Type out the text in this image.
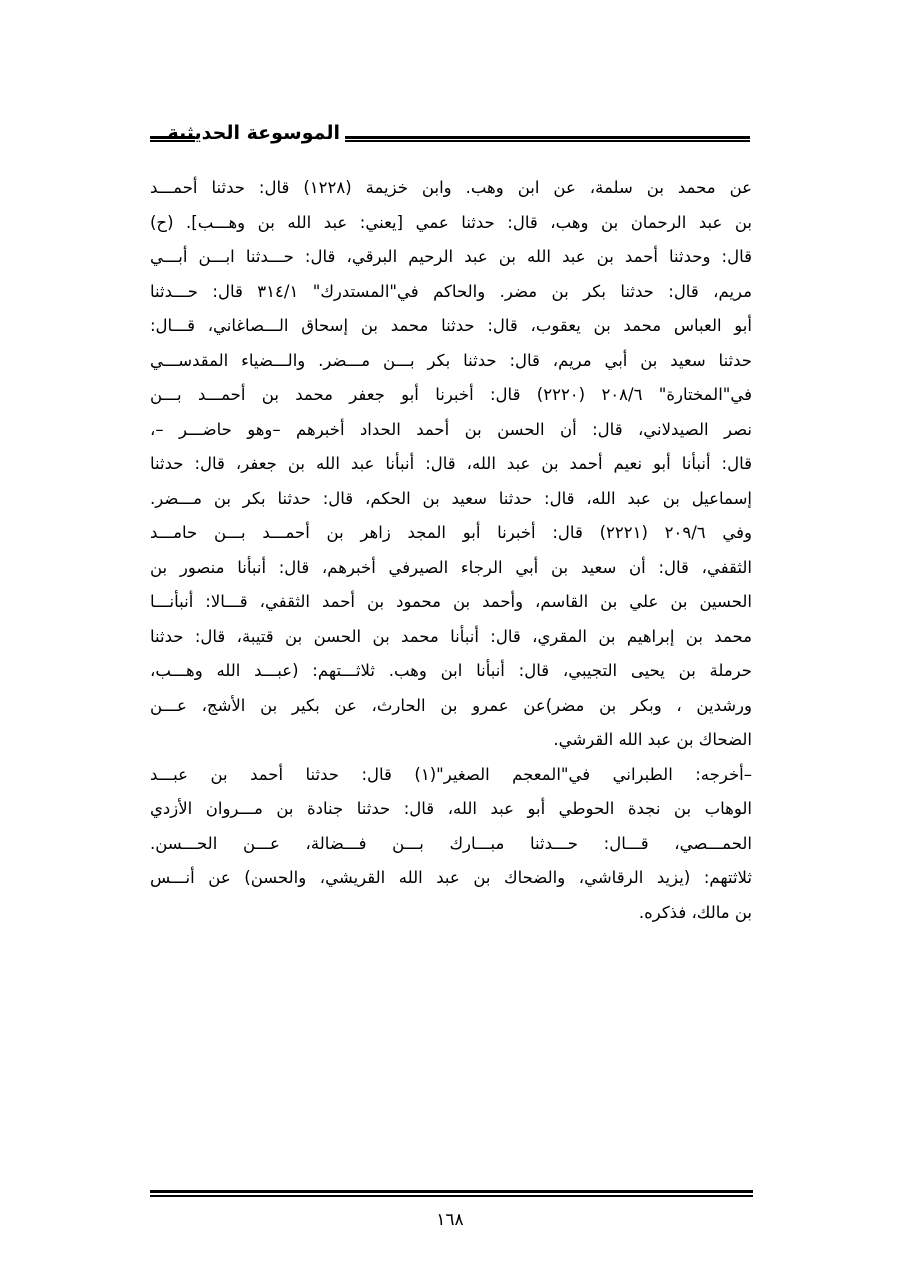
الموسوعة الحديثية
عن محمد بن سلمة، عن ابن وهب. وابن خزيمة (١٢٢٨) قال: حدثنا أحمـــد
بن عبد الرحمان بن وهب، قال: حدثنا عمي [يعني: عبد الله بن وهـــب]. (ح)
قال: وحدثنا أحمد بن عبد الله بن عبد الرحيم البرقي، قال: حـــدثنا ابـــن أبـــي
مريم، قال: حدثنا بكر بن مضر. والحاكم في"المستدرك" ٣١٤/١ قال: حـــدثنا
أبو العباس محمد بن يعقوب، قال: حدثنا محمد بن إسحاق الـــصاغاني، قـــال:
حدثنا سعيد بن أبي مريم، قال: حدثنا بكر بـــن مـــضر. والـــضياء المقدســـي
في"المختارة" ٢٠٨/٦ (٢٢٢٠) قال: أخبرنا أبو جعفر محمد بن أحمـــد بـــن
نصر الصيدلاني، قال: أن الحسن بن أحمد الحداد أخبرهم –وهو حاضـــر –،
قال: أنبأنا أبو نعيم أحمد بن عبد الله، قال: أنبأنا عبد الله بن جعفر، قال: حدثنا
إسماعيل بن عبد الله، قال: حدثنا سعيد بن الحكم، قال: حدثنا بكر بن مـــضر.
وفي ٢٠٩/٦ (٢٢٢١) قال: أخبرنا أبو المجد زاهر بن أحمـــد بـــن حامـــد
الثقفي، قال: أن سعيد بن أبي الرجاء الصيرفي أخبرهم، قال: أنبأنا منصور بن
الحسين بن علي بن القاسم، وأحمد بن محمود بن أحمد الثقفي، قـــالا: أنبأنـــا
محمد بن إبراهيم بن المقري، قال: أنبأنا محمد بن الحسن بن قتيبة، قال: حدثنا
حرملة بن يحيى التجيبي، قال: أنبأنا ابن وهب. ثلاثـــتهم: (عبـــد الله وهـــب،
ورشدين ، وبكر بن مضر)عن عمرو بن الحارث، عن بكير بن الأشج، عـــن
الضحاك بن عبد الله القرشي.
–أخرجه: الطبراني في"المعجم الصغير"(١) قال: حدثنا أحمد بن عبـــد
الوهاب بن نجدة الحوطي أبو عبد الله، قال: حدثنا جنادة بن مـــروان الأزدي
الحمـــصي، قـــال: حـــدثنا مبـــارك بـــن فـــضالة، عـــن الحـــسن.
ثلاثتهم: (يزيد الرقاشي، والضحاك بن عبد الله القريشي، والحسن) عن أنـــس
بن مالك، فذكره.
١٦٨
